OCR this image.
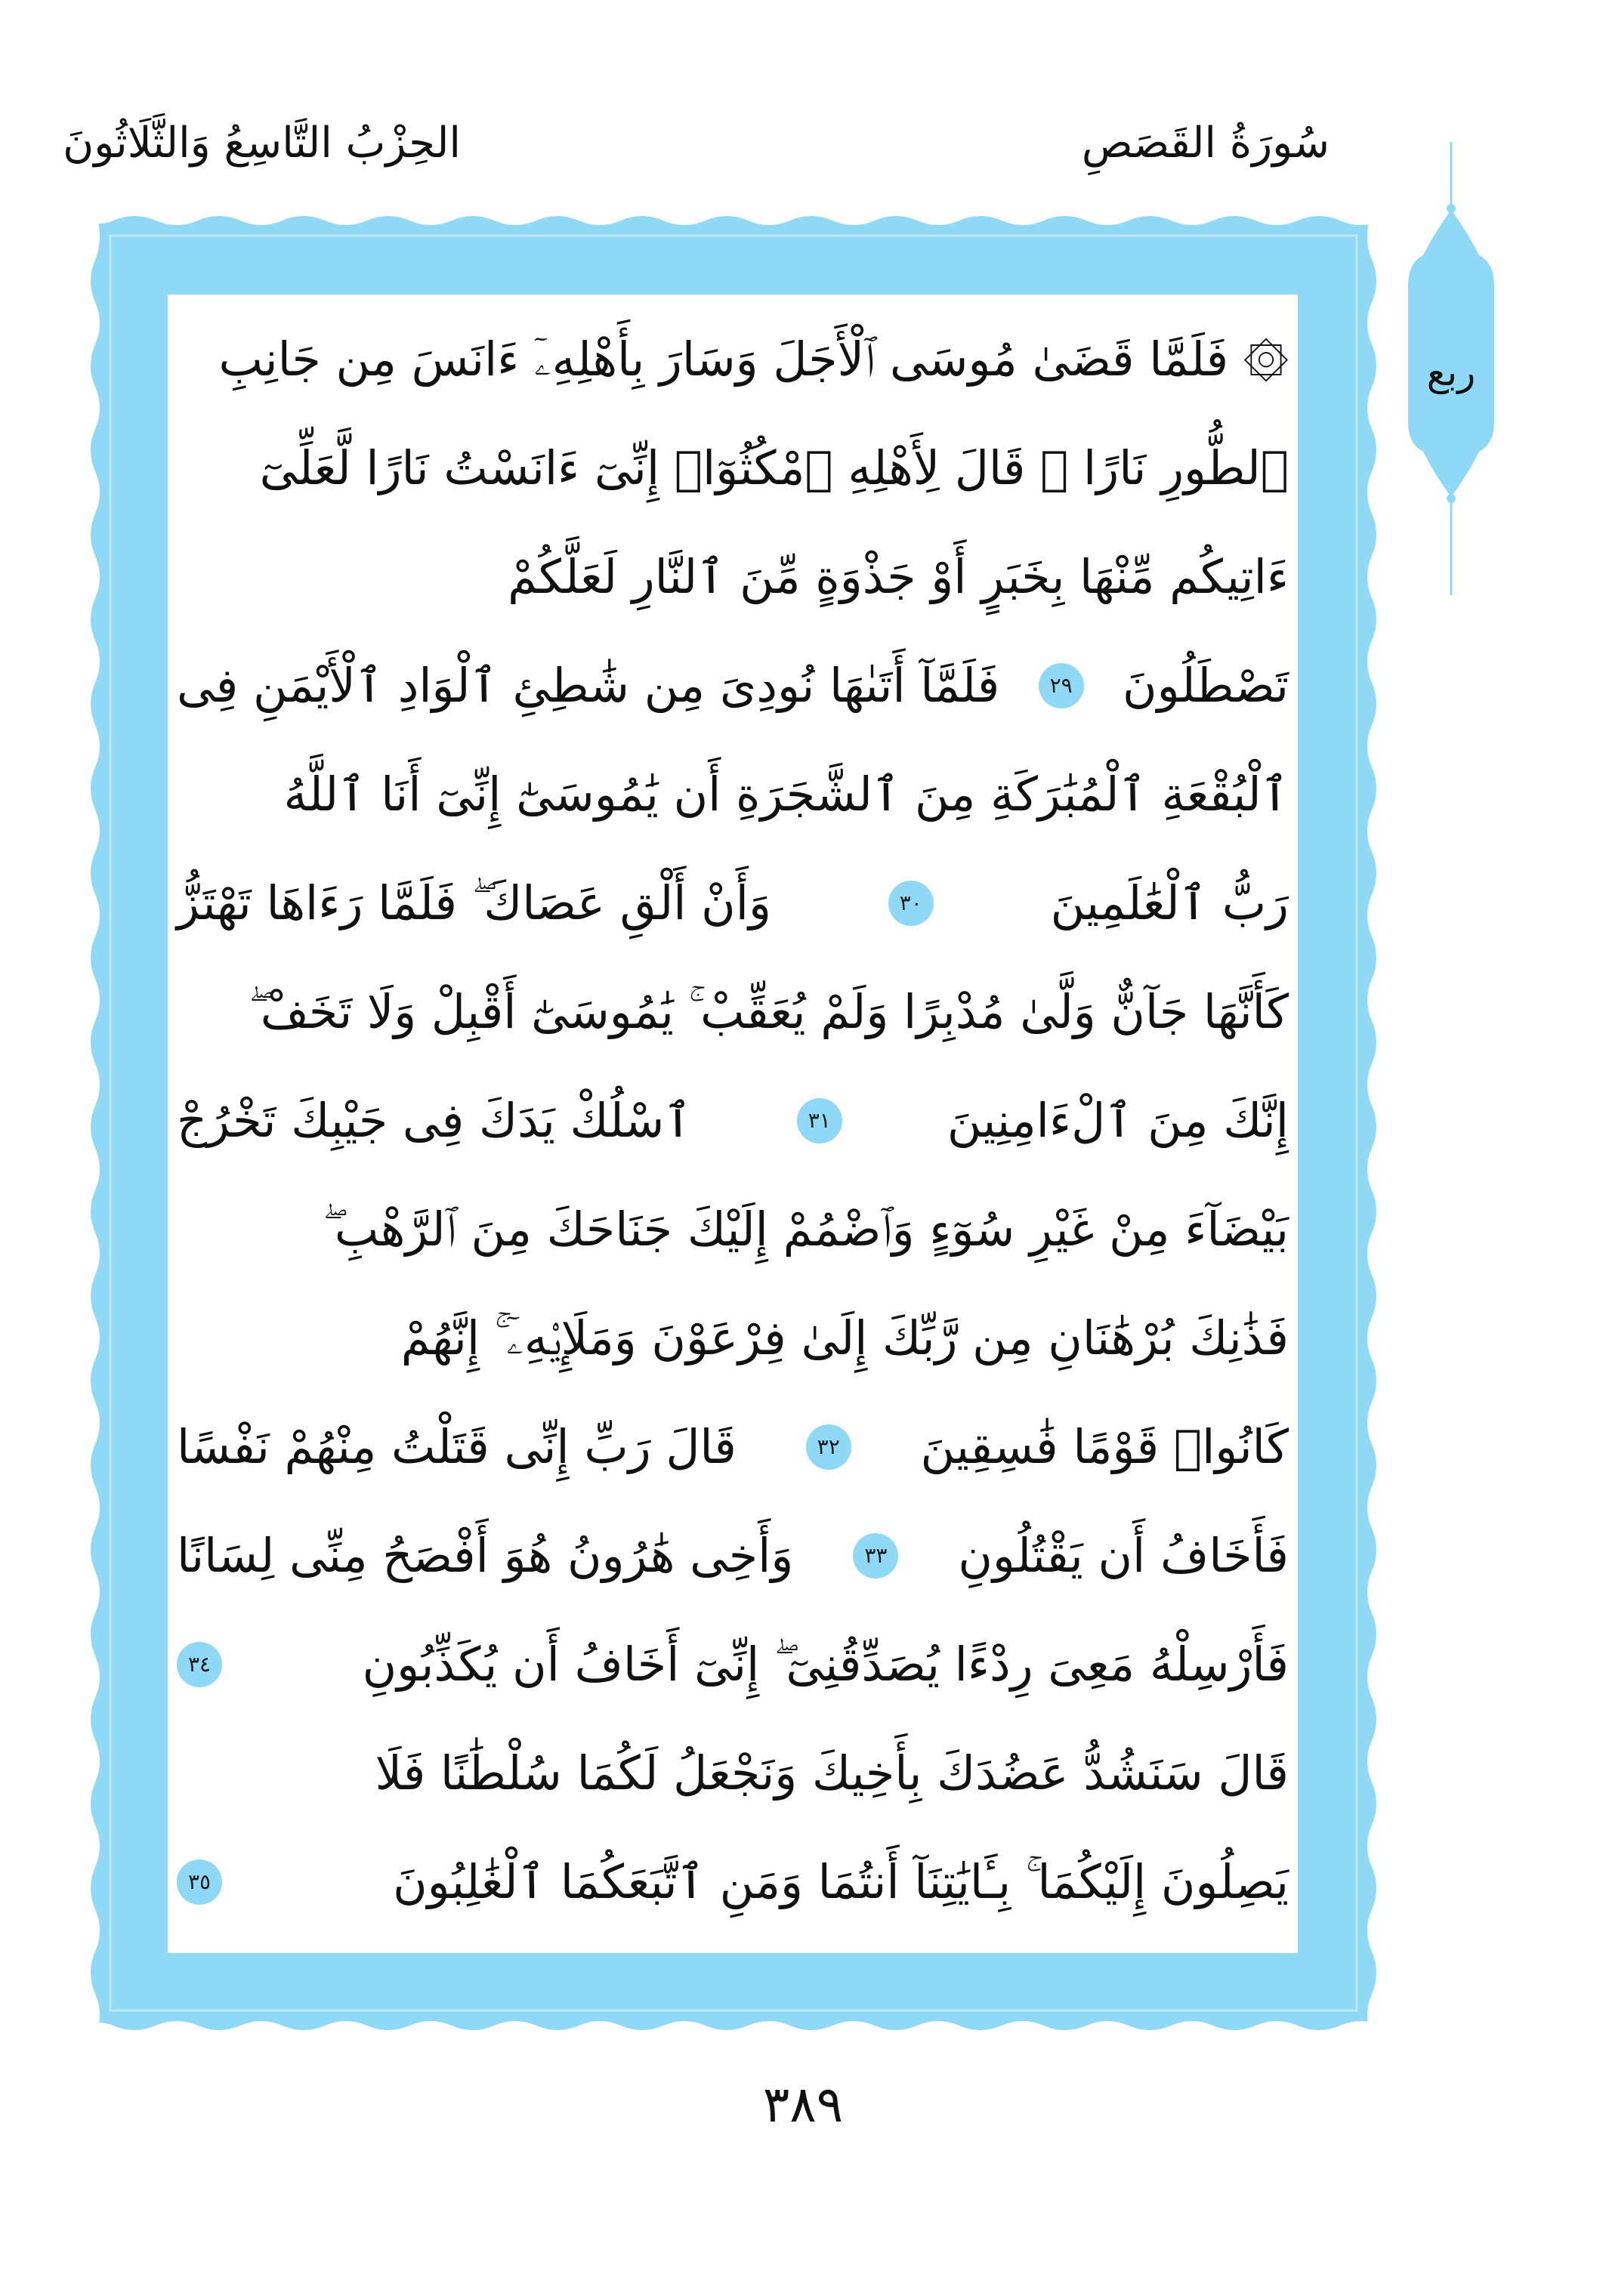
سُورَةُ القَصَصِ
الحِزْبُ التَّاسِعُ وَالثَّلَاثُونَ
ربع
۞ فَلَمَّا قَضَىٰ مُوسَى ٱلْأَجَلَ وَسَارَ بِأَهْلِهِۦٓ ءَانَسَ مِن جَانِبِ
ٱلطُّورِ نَارًا ۖ قَالَ لِأَهْلِهِ ٱمْكُثُوٓا۟ إِنِّىٓ ءَانَسْتُ نَارًا لَّعَلِّىٓ
ءَاتِيكُم مِّنْهَا بِخَبَرٍ أَوْ جَذْوَةٍ مِّنَ ٱلنَّارِ لَعَلَّكُمْ
تَصْطَلُونَ
٢٩
فَلَمَّآ أَتَىٰهَا نُودِىَ مِن شَٰطِئِ ٱلْوَادِ ٱلْأَيْمَنِ فِى
ٱلْبُقْعَةِ ٱلْمُبَٰرَكَةِ مِنَ ٱلشَّجَرَةِ أَن يَٰمُوسَىٰٓ إِنِّىٓ أَنَا ٱللَّهُ
رَبُّ ٱلْعَٰلَمِينَ
٣٠
وَأَنْ أَلْقِ عَصَاكَ ۖ فَلَمَّا رَءَاهَا تَهْتَزُّ
كَأَنَّهَا جَآنٌّ وَلَّىٰ مُدْبِرًا وَلَمْ يُعَقِّبْ ۚ يَٰمُوسَىٰٓ أَقْبِلْ وَلَا تَخَفْ ۖ
إِنَّكَ مِنَ ٱلْءَامِنِينَ
٣١
ٱسْلُكْ يَدَكَ فِى جَيْبِكَ تَخْرُجْ
بَيْضَآءَ مِنْ غَيْرِ سُوٓءٍ وَٱضْمُمْ إِلَيْكَ جَنَاحَكَ مِنَ ٱلرَّهْبِ ۖ
فَذَٰنِكَ بُرْهَٰنَانِ مِن رَّبِّكَ إِلَىٰ فِرْعَوْنَ وَمَلَإِي۟هِۦٓ ۚ إِنَّهُمْ
كَانُوا۟ قَوْمًا فَٰسِقِينَ
٣٢
قَالَ رَبِّ إِنِّى قَتَلْتُ مِنْهُمْ نَفْسًا
فَأَخَافُ أَن يَقْتُلُونِ
٣٣
وَأَخِى هَٰرُونُ هُوَ أَفْصَحُ مِنِّى لِسَانًا
فَأَرْسِلْهُ مَعِىَ رِدْءًا يُصَدِّقُنِىٓ ۖ إِنِّىٓ أَخَافُ أَن يُكَذِّبُونِ
٣٤
قَالَ سَنَشُدُّ عَضُدَكَ بِأَخِيكَ وَنَجْعَلُ لَكُمَا سُلْطَٰنًا فَلَا
يَصِلُونَ إِلَيْكُمَا ۚ بِـَٔايَٰتِنَآ أَنتُمَا وَمَنِ ٱتَّبَعَكُمَا ٱلْغَٰلِبُونَ
٣٥
٣٨٩
